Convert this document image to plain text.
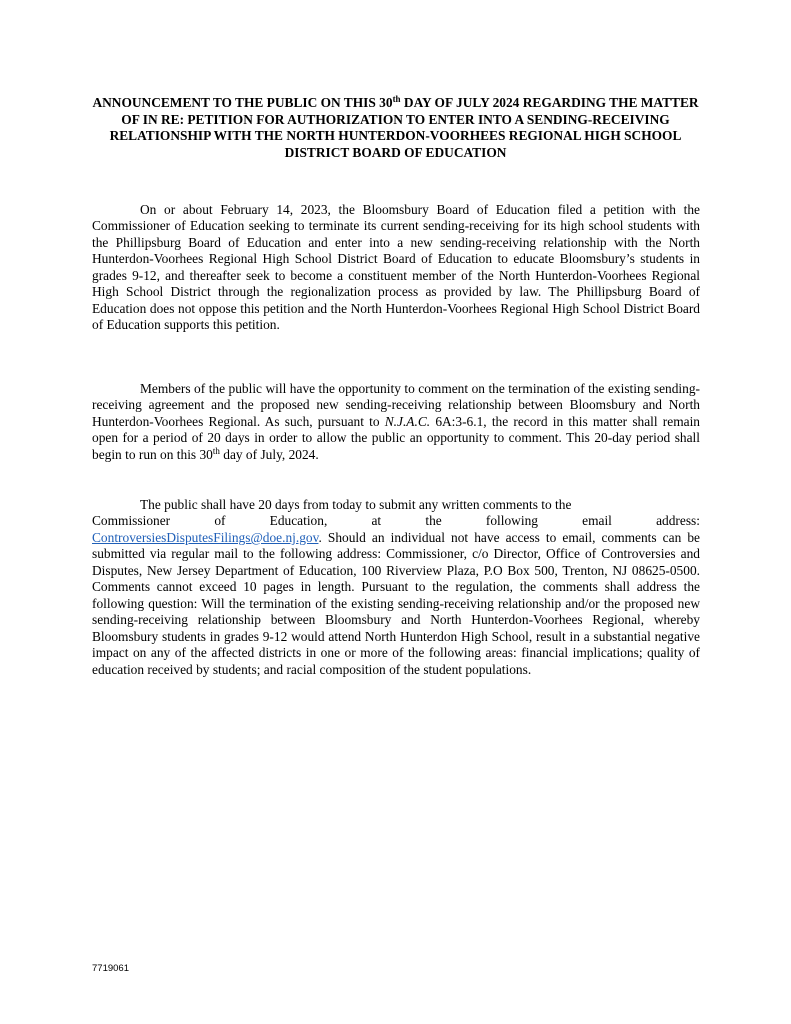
ANNOUNCEMENT TO THE PUBLIC ON THIS 30th DAY OF JULY 2024 REGARDING THE MATTER OF IN RE: PETITION FOR AUTHORIZATION TO ENTER INTO A SENDING-RECEIVING RELATIONSHIP WITH THE NORTH HUNTERDON-VOORHEES REGIONAL HIGH SCHOOL DISTRICT BOARD OF EDUCATION

On or about February 14, 2023, the Bloomsbury Board of Education filed a petition with the Commissioner of Education seeking to terminate its current sending-receiving for its high school students with the Phillipsburg Board of Education and enter into a new sending-receiving relationship with the North Hunterdon-Voorhees Regional High School District Board of Education to educate Bloomsbury’s students in grades 9-12, and thereafter seek to become a constituent member of the North Hunterdon-Voorhees Regional High School District through the regionalization process as provided by law. The Phillipsburg Board of Education does not oppose this petition and the North Hunterdon-Voorhees Regional High School District Board of Education supports this petition.

Members of the public will have the opportunity to comment on the termination of the existing sending-receiving agreement and the proposed new sending-receiving relationship between Bloomsbury and North Hunterdon-Voorhees Regional. As such, pursuant to N.J.A.C. 6A:3-6.1, the record in this matter shall remain open for a period of 20 days in order to allow the public an opportunity to comment. This 20-day period shall begin to run on this 30th day of July, 2024.

The public shall have 20 days from today to submit any written comments to the
Commissioner	of	Education,	at	the	following	email	address:
ControversiesDisputesFilings@doe.nj.gov. Should an individual not have access to email, comments can be submitted via regular mail to the following address: Commissioner, c/o Director, Office of Controversies and Disputes, New Jersey Department of Education, 100 Riverview Plaza, P.O Box 500, Trenton, NJ 08625-0500. Comments cannot exceed 10 pages in length. Pursuant to the regulation, the comments shall address the following question: Will the termination of the existing sending-receiving relationship and/or the proposed new sending-receiving relationship between Bloomsbury and North Hunterdon-Voorhees Regional, whereby Bloomsbury students in grades 9-12 would attend North Hunterdon High School, result in a substantial negative impact on any of the affected districts in one or more of the following areas: financial implications; quality of education received by students; and racial composition of the student populations.

7719061
